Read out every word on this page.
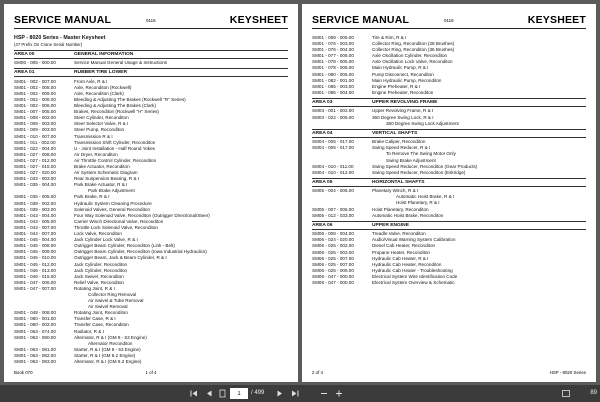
SERVICE MANUAL	0116	KEYSHEET
HSP - 8020 Series - Master Keysheet
(47 Prefix On Crane Serial Number)
AREA 00	GENERAL INFORMATION
SM00 - 005 - 000.00	Service Manual General Usage & Instructions
AREA 01	RUBBER TIRE LOWER
SM01 - 002 - 007.00	Front Axle, R & I
SM01 - 002 - 008.00	Axle, Reconditon (Rockwell)
SM01 - 002 - 009.00	Axle, Reconditon (Clark)
SM01 - 002 - 006.00	Bleeding & Adjusting The Brakes (Rockwell "R" Series)
SM01 - 002 - 006.00	Bleeding & Adjusting The Brakes (Clark)
SM01 - 007 - 005.00	Brakes, Reconditon (Rockwell "H" Series)
SM01 - 008 - 002.00	Steer Cylinder, Reconditon
SM01 - 009 - 003.00	Steer Selector Valve, R & I
SM01 - 009 - 003.00	Steer Pump, Reconditon
SM01 - 010 - 007.00	Transmission R & I
SM01 - 011 - 002.00	Transmission Shift Cylinder, Reconditon
SM01 - 022 - 004.00	U - Joint Installation - Half Round Yokes
SM01 - 027 - 008.00	Air Dryer, Reconditon
SM01 - 027 - 012.00	Air Throttle Control Cylinder, Reconditon
SM01 - 027 - 015.00	Brake Actuator, Reconditon
SM01 - 027 - 020.00	Air System Schematic Diagram
SM01 - 033 - 003.00	Rear Suspension Bearing, R & I
SM01 - 035 - 004.00	Park Brake Actuator, R & I
Park Brake Adjustment
SM01 - 035 - 005.00	Park Brake, R & I
SM01 - 039 - 002.00	Hydraulic System Cleaning Procedure
SM01 - 039 - 003.00	Solenoid Valves, General Reconditon
SM01 - 043 - 004.00	Four Way Solenoid Valve, Reconditon (Outrigger Directional/Steer)
SM01 - 043 - 005.00	Carrier Winch Directional Valve, Reconditon
SM01 - 043 - 007.00	Throttle Lock Solenoid Valve, Reconditon
SM01 - 044 - 007.00	Lock Valve, Reconditon
SM01 - 045 - 004.00	Jack Cylinder Lock Valve, R & I
SM01 - 045 - 008.00	Outrigger Beam Cylinder, Reconditon (Link - Belt)
SM01 - 045 - 009.00	Outrigger Beam Cylinder, Reconditon (Iowa Industrial Hydraulics)
SM01 - 045 - 010.00	Outrigger Beam, Jack & Beam Cylinder, R & I
SM01 - 045 - 012.00	Jack Cylinder, Reconditon
SM01 - 046 - 013.00	Jack Cylinder, Reconditon
SM01 - 046 - 015.00	Jack Swivel, Reconditon
SM01 - 047 - 006.00	Relief Valve, Reconditon
SM01 - 047 - 007.00	Rotating Joint, R & I
Collector Ring Removal
Air Swivel & Tube Removal
Air Swivel Removal
SM01 - 048 - 008.00	Rotating Joint, Reconditon
SM01 - 060 - 001.00	Transfer Case, R & I
SM01 - 060 - 002.00	Transfer Case, Reconditon
SM01 - 063 - 074.00	Radiator, R & I
SM01 - 063 - 080.00	Alternator, R & I (GM 8 - 53 Engine)
Alternator Reconditon
SM01 - 063 - 081.00	Starter, R & I (GM 8 - 53 Engine)
SM01 - 063 - 082.00	Starter, R & I (GM 8.2 Engine)
SM01 - 063 - 083.00	Alternator, R & I (GM 8.2 Engine)
Book 070	1 of 4
SERVICE MANUAL	0116	KEYSHEET
SM01 - 069 - 005.00	Tire & Rim, R & I
SM01 - 076 - 003.00	Collector Ring, Reconditon (28 Brushes)
SM01 - 076 - 004.00	Collector Ring, Reconditon (36 Brushes)
SM01 - 077 - 006.00	Axle Oscillation Cylinder, Reconditon
SM01 - 078 - 005.00	Axle Oscillation Lock Valve, Reconditon
SM01 - 078 - 006.00	Main Hydraulic Pump, R & I
SM01 - 080 - 006.00	Pump Disconnect, Reconditon
SM01 - 082 - 001.00	Main Hydraulic Pump, Reconditon
SM01 - 085 - 003.00	Engine Preheater, R & I
SM01 - 085 - 004.00	Engine Preheater, Reconditon
AREA 03	UPPER REVOLVING FRAME
SM03 - 001 - 002.00	Upper Revolving Frame, R & I
SM03 - 022 - 006.00	360 Degree Swing Lock, R & I
360 Degree Swing Lock Adjustment
AREA 04	VERTICAL SHAFTS
SM04 - 005 - 017.00	Brake Caliper, Reconditon
SM04 - 005 - 017.00	Swing Speed Reducer, R & I
To Remove The Swing Motor Only
Swing Brake Adjustment
SM04 - 010 - 011.00	Swing Speed Reducer, Reconditon (Gear Products)
SM04 - 010 - 012.00	Swing Speed Reducer, Reconditon (Eskridge)
AREA 05	HORIZONTAL SHAFTS
SM05 - 004 - 006.00	Planetary Winch, R & I
Automatic Hoist Brake, R & I
Hoist Planetary, R & I
SM05 - 007 - 006.00	Hoist Planetary, Reconditon
SM05 - 012 - 033.00	Automatic Hoist Brake, Reconditon
AREA 06	UPPER ENGINE
SM06 - 008 - 004.00	Treadle Valve, Reconditon
SM06 - 024 - 020.00	Audio/Visual Warning System Calibration
SM06 - 025 - 002.00	Diesel Cab Heater, Reconditon
SM06 - 025 - 003.00	Propane Heater, Reconditon
SM06 - 025 - 007.00	Hydraulic Cab Heater, R & I
SM06 - 025 - 007.00	Hydraulic Cab Heater, Reconditon
SM06 - 025 - 009.00	Hydraulic Cab Heater - Troubleshooting
SM06 - 047 - 000.00	Electrical System Wire Identification Code
SM06 - 047 - 000.00	Electrical System Overview & Schematic
2 of 4	HSP - 8020 Series
1
/ 499	89
